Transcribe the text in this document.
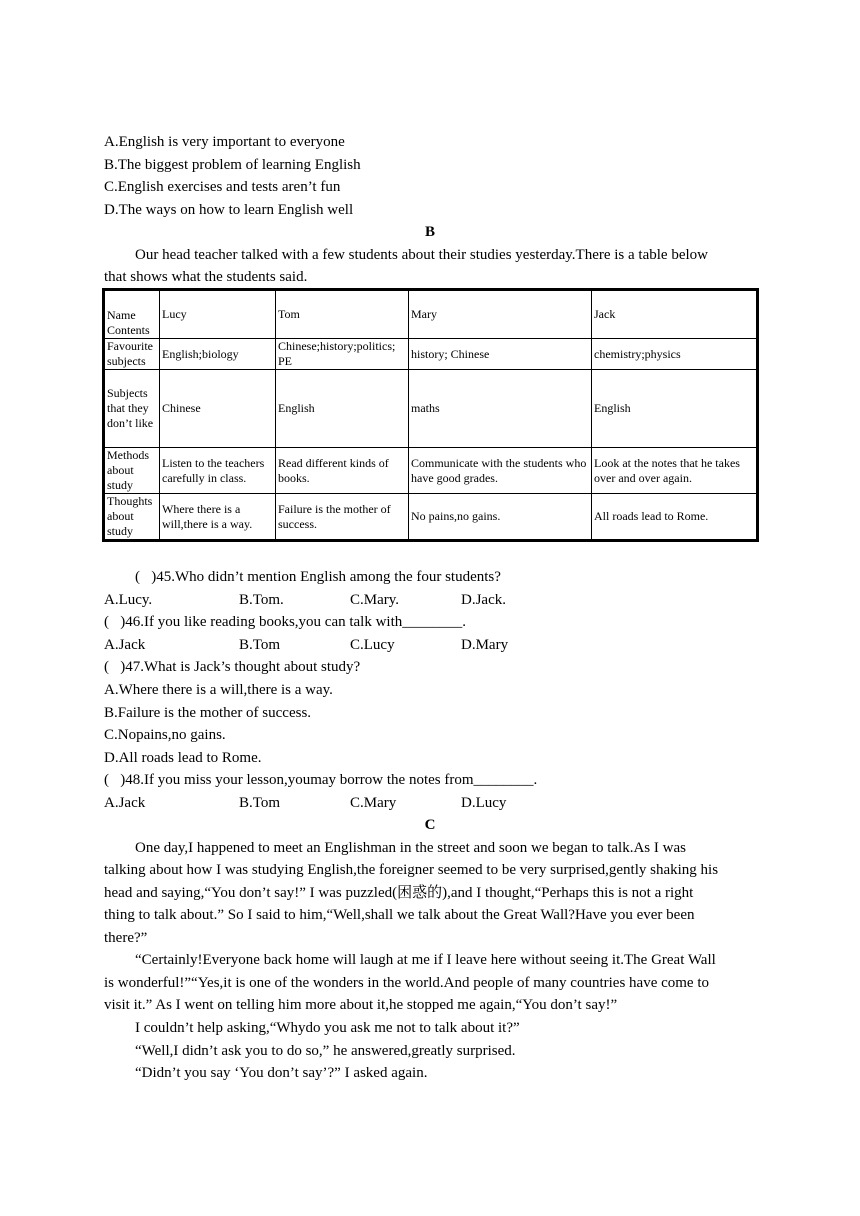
A.English is very important to everyone
B.The biggest problem of learning English
C.English exercises and tests aren’t fun
D.The ways on how to learn English well
B
Our head teacher talked with a few students about their studies yesterday.There is a table below
that shows what the students said.
Name
Contents	Lucy	Tom	Mary	Jack
Favourite subjects	English;biology	Chinese;history;politics; PE	history; Chinese	chemistry;physics
Subjects that they don’t like	Chinese	English	maths	English
Methods about study	Listen to the teachers carefully in class.	Read different kinds of books.	Communicate with the students who have good grades.	Look at the notes that he takes over and over again.
Thoughts about study	Where there is a will,there is a way.	Failure is the mother of success.	No pains,no gains.	All roads lead to Rome.
(   )45.Who didn’t mention English among the four students?

A.Lucy.

	B.Tom.

	C.Mary.

	D.Jack.

(   )46.If you like reading books,you can talk with________.

A.Jack

	B.Tom

	C.Lucy

	D.Mary

(   )47.What is Jack’s thought about study?
A.Where there is a will,there is a way.
B.Failure is the mother of success.
C.Nopains,no gains.
D.All roads lead to Rome.
(   )48.If you miss your lesson,youmay borrow the notes from________.

A.Jack

	B.Tom

	C.Mary

	D.Lucy

C
One day,I happened to meet an Englishman in the street and soon we began to talk.As I was
talking about how I was studying English,the foreigner seemed to be very surprised,gently shaking his
head and saying,“You don’t say!” I was puzzled(困惑的),and I thought,“Perhaps this is not a right
thing to talk about.” So I said to him,“Well,shall we talk about the Great Wall?Have you ever been
there?”
“Certainly!Everyone back home will laugh at me if I leave here without seeing it.The Great Wall
is wonderful!”“Yes,it is one of the wonders in the world.And people of many countries have come to
visit it.” As I went on telling him more about it,he stopped me again,“You don’t say!”
I couldn’t help asking,“Whydo you ask me not to talk about it?”
“Well,I didn’t ask you to do so,” he answered,greatly surprised.
“Didn’t you say ‘You don’t say’?” I asked again.
